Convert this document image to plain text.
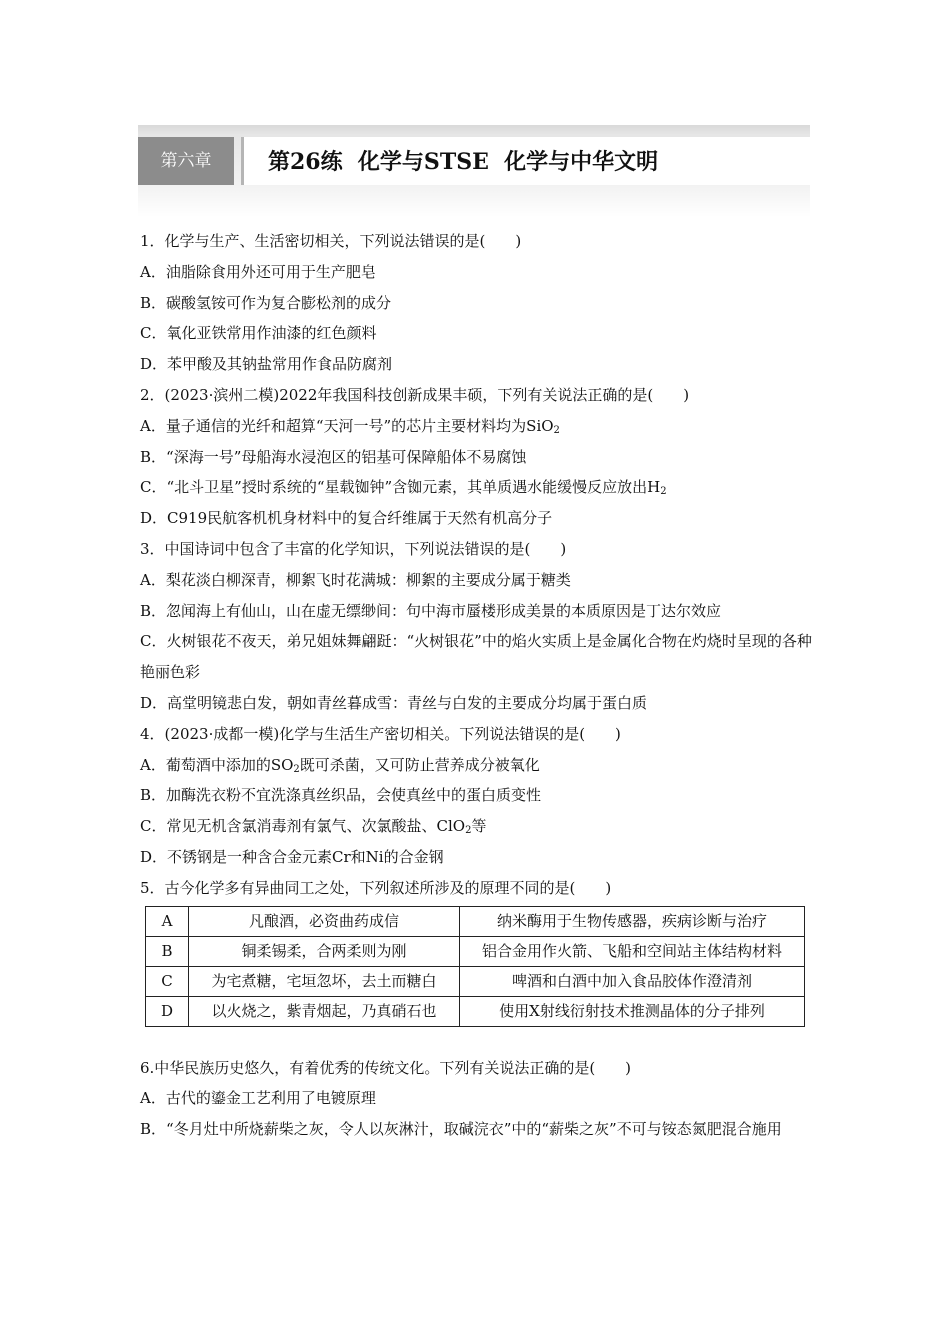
第六章	第26练  化学与STSE  化学与中华文明
1．化学与生产、生活密切相关，下列说法错误的是(　　)
A．油脂除食用外还可用于生产肥皂
B．碳酸氢铵可作为复合膨松剂的成分
C．氧化亚铁常用作油漆的红色颜料
D．苯甲酸及其钠盐常用作食品防腐剂
2．(2023·滨州二模)2022年我国科技创新成果丰硕，下列有关说法正确的是(　　)
A．量子通信的光纤和超算“天河一号”的芯片主要材料均为SiO$_2$
B．“深海一号”母船海水浸泡区的铝基可保障船体不易腐蚀
C．“北斗卫星”授时系统的“星载铷钟”含铷元素，其单质遇水能缓慢反应放出$H_2$
D．C919民航客机机身材料中的复合纤维属于天然有机高分子
3．中国诗词中包含了丰富的化学知识，下列说法错误的是(　　)
A．梨花淡白柳深青，柳絮飞时花满城：柳絮的主要成分属于糖类
B．忽闻海上有仙山，山在虚无缥缈间：句中海市蜃楼形成美景的本质原因是丁达尔效应
C．火树银花不夜天，弟兄姐妹舞翩跹：“火树银花”中的焰火实质上是金属化合物在灼烧时呈现的各种艳丽色彩
D．高堂明镜悲白发，朝如青丝暮成雪：青丝与白发的主要成分均属于蛋白质
4．(2023·成都一模)化学与生活生产密切相关。下列说法错误的是(　　)
A．葡萄酒中添加的$SO_2$既可杀菌，又可防止营养成分被氧化
B．加酶洗衣粉不宜洗涤真丝织品，会使真丝中的蛋白质变性
C．常见无机含氯消毒剂有氯气、次氯酸盐、ClO$_2$等
D．不锈钢是一种含合金元素Cr和Ni的合金钢
5．古今化学多有异曲同工之处，下列叙述所涉及的原理不同的是(　　)
A	凡酿酒，必资曲药成信	纳米酶用于生物传感器，疾病诊断与治疗
B	铜柔锡柔，合两柔则为刚	铝合金用作火箭、飞船和空间站主体结构材料
C	为宅煮糖，宅垣忽坏，去土而糖白	啤酒和白酒中加入食品胶体作澄清剂
D	以火烧之，紫青烟起，乃真硝石也	使用X射线衍射技术推测晶体的分子排列
6.中华民族历史悠久，有着优秀的传统文化。下列有关说法正确的是(　　)
A．古代的鎏金工艺利用了电镀原理
B．“冬月灶中所烧薪柴之灰，令人以灰淋汁，取碱浣衣”中的“薪柴之灰”不可与铵态氮肥混合施用
